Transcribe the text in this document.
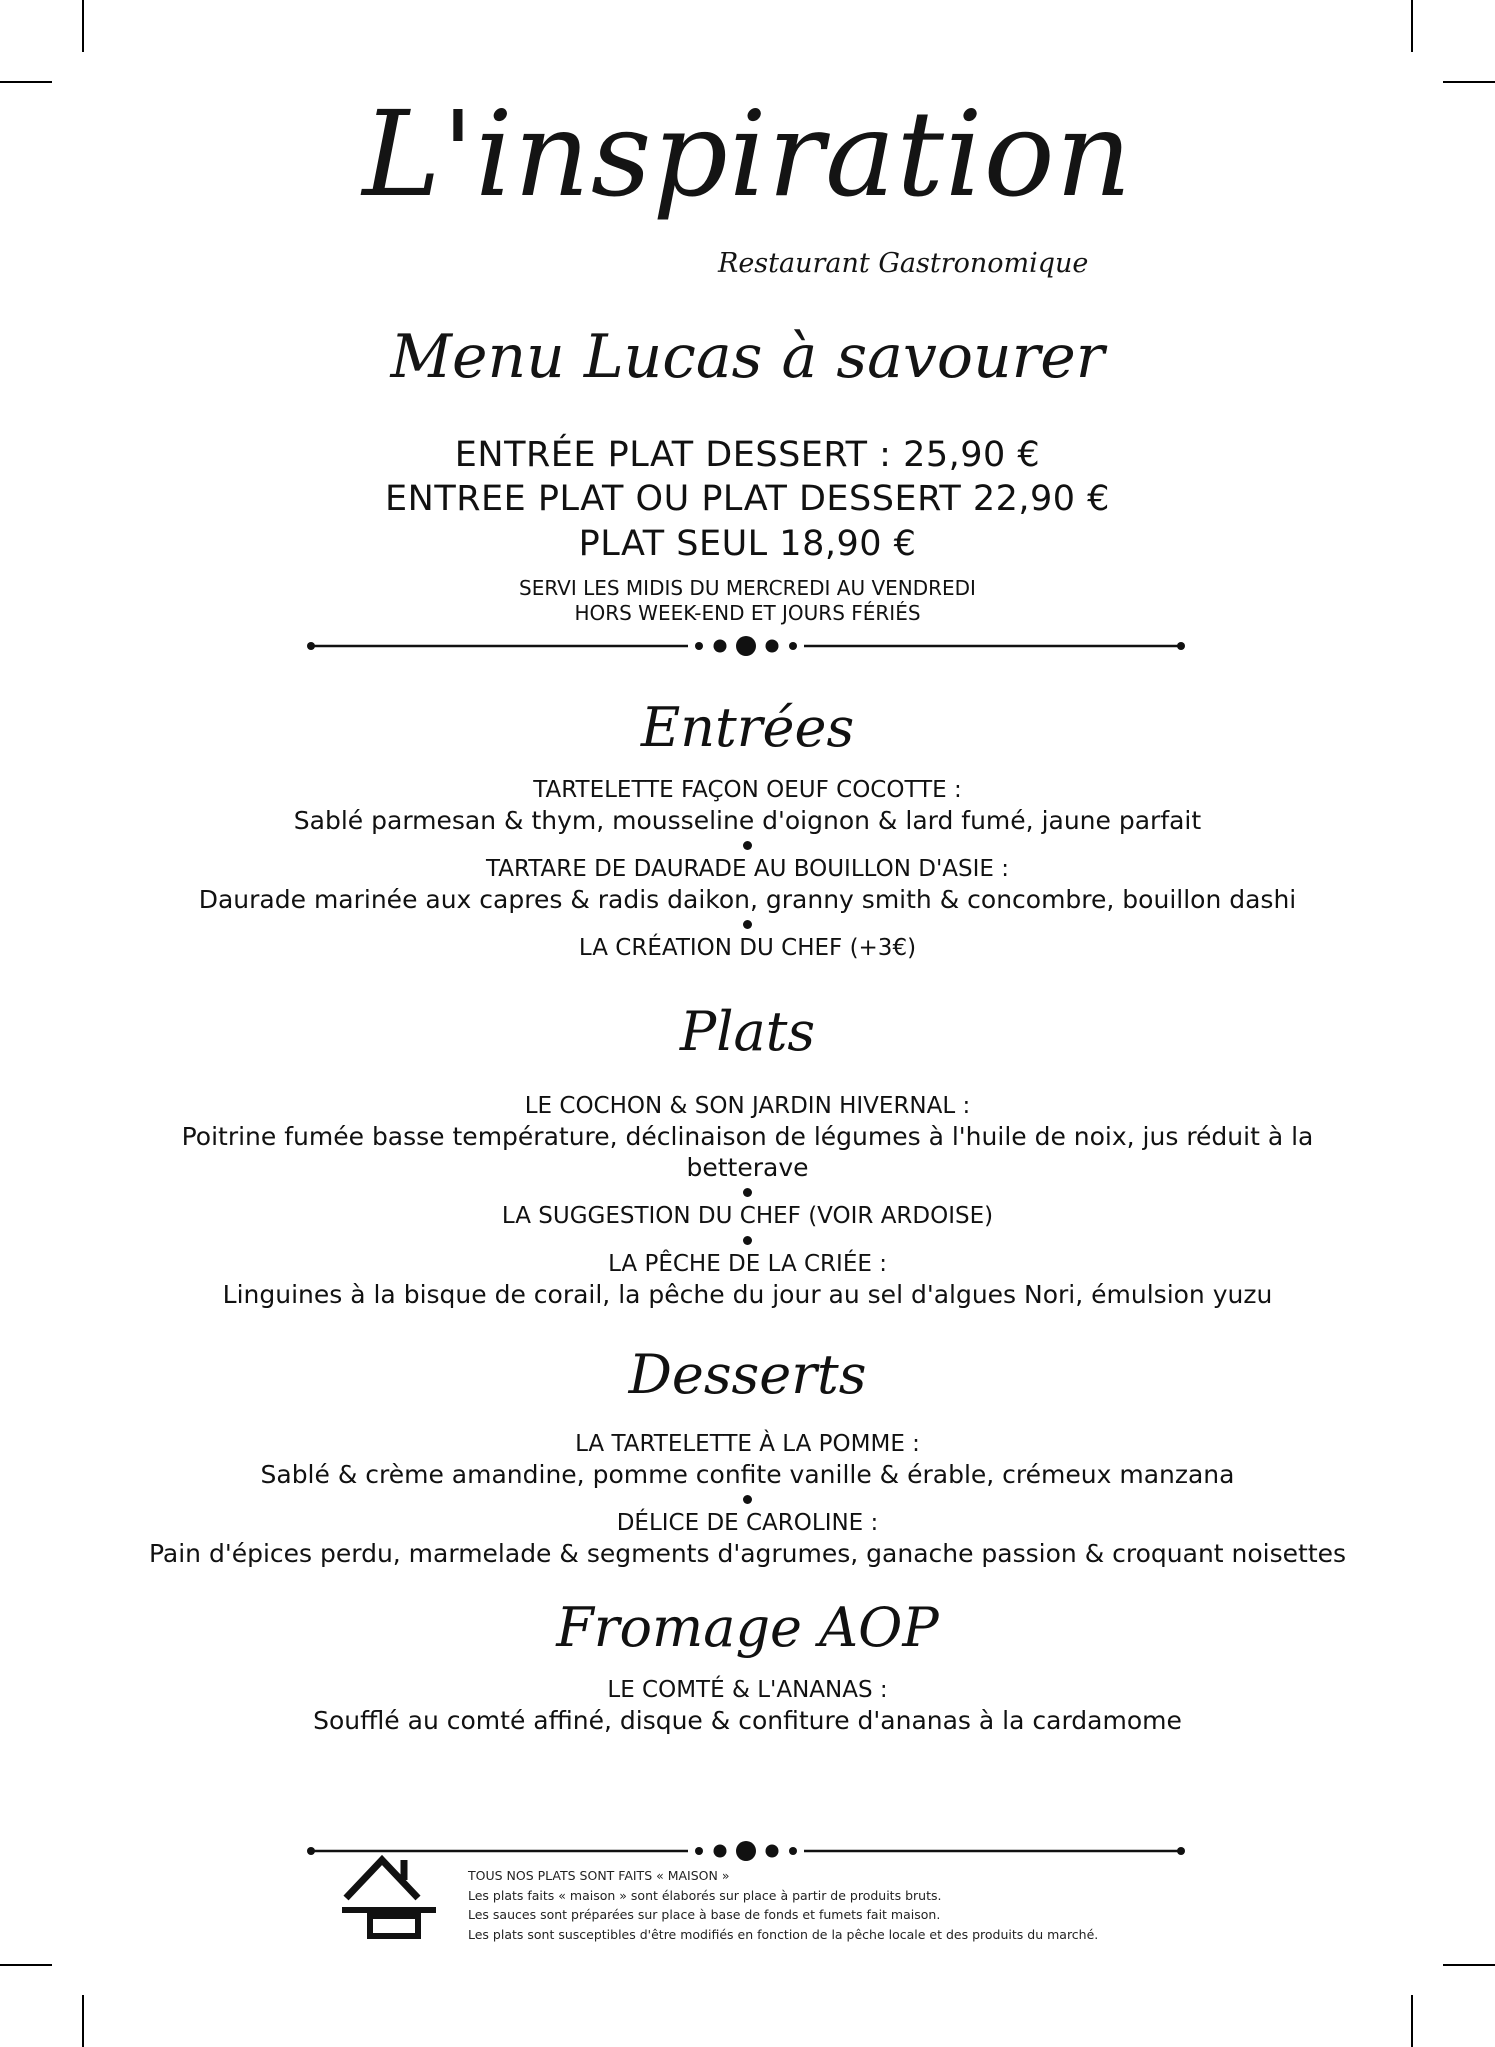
L'inspiration
Restaurant Gastronomique
Menu Lucas à savourer
ENTRÉE PLAT DESSERT : 25,90 €
ENTREE PLAT OU PLAT DESSERT 22,90 €
PLAT SEUL 18,90 €
SERVI LES MIDIS DU MERCREDI AU VENDREDI
HORS WEEK-END ET JOURS FÉRIÉS
Entrées
TARTELETTE FAÇON OEUF COCOTTE :
Sablé parmesan & thym, mousseline d'oignon & lard fumé, jaune parfait
TARTARE DE DAURADE AU BOUILLON D'ASIE :
Daurade marinée aux capres & radis daikon, granny smith & concombre, bouillon dashi
LA CRÉATION DU CHEF (+3€)
Plats
LE COCHON & SON JARDIN HIVERNAL :
Poitrine fumée basse température, déclinaison de légumes à l'huile de noix, jus réduit à la
betterave
LA SUGGESTION DU CHEF (VOIR ARDOISE)
LA PÊCHE DE LA CRIÉE :
Linguines à la bisque de corail, la pêche du jour au sel d'algues Nori, émulsion yuzu
Desserts
LA TARTELETTE À LA POMME :
Sablé & crème amandine, pomme confite vanille & érable, crémeux manzana
DÉLICE DE CAROLINE :
Pain d'épices perdu, marmelade & segments d'agrumes, ganache passion & croquant noisettes
Fromage AOP
LE COMTÉ & L'ANANAS :
Soufflé au comté affiné, disque & confiture d'ananas à la cardamome
TOUS NOS PLATS SONT FAITS « MAISON »
Les plats faits « maison » sont élaborés sur place à partir de produits bruts.
Les sauces sont préparées sur place à base de fonds et fumets fait maison.
Les plats sont susceptibles d'être modifiés en fonction de la pêche locale et des produits du marché.
